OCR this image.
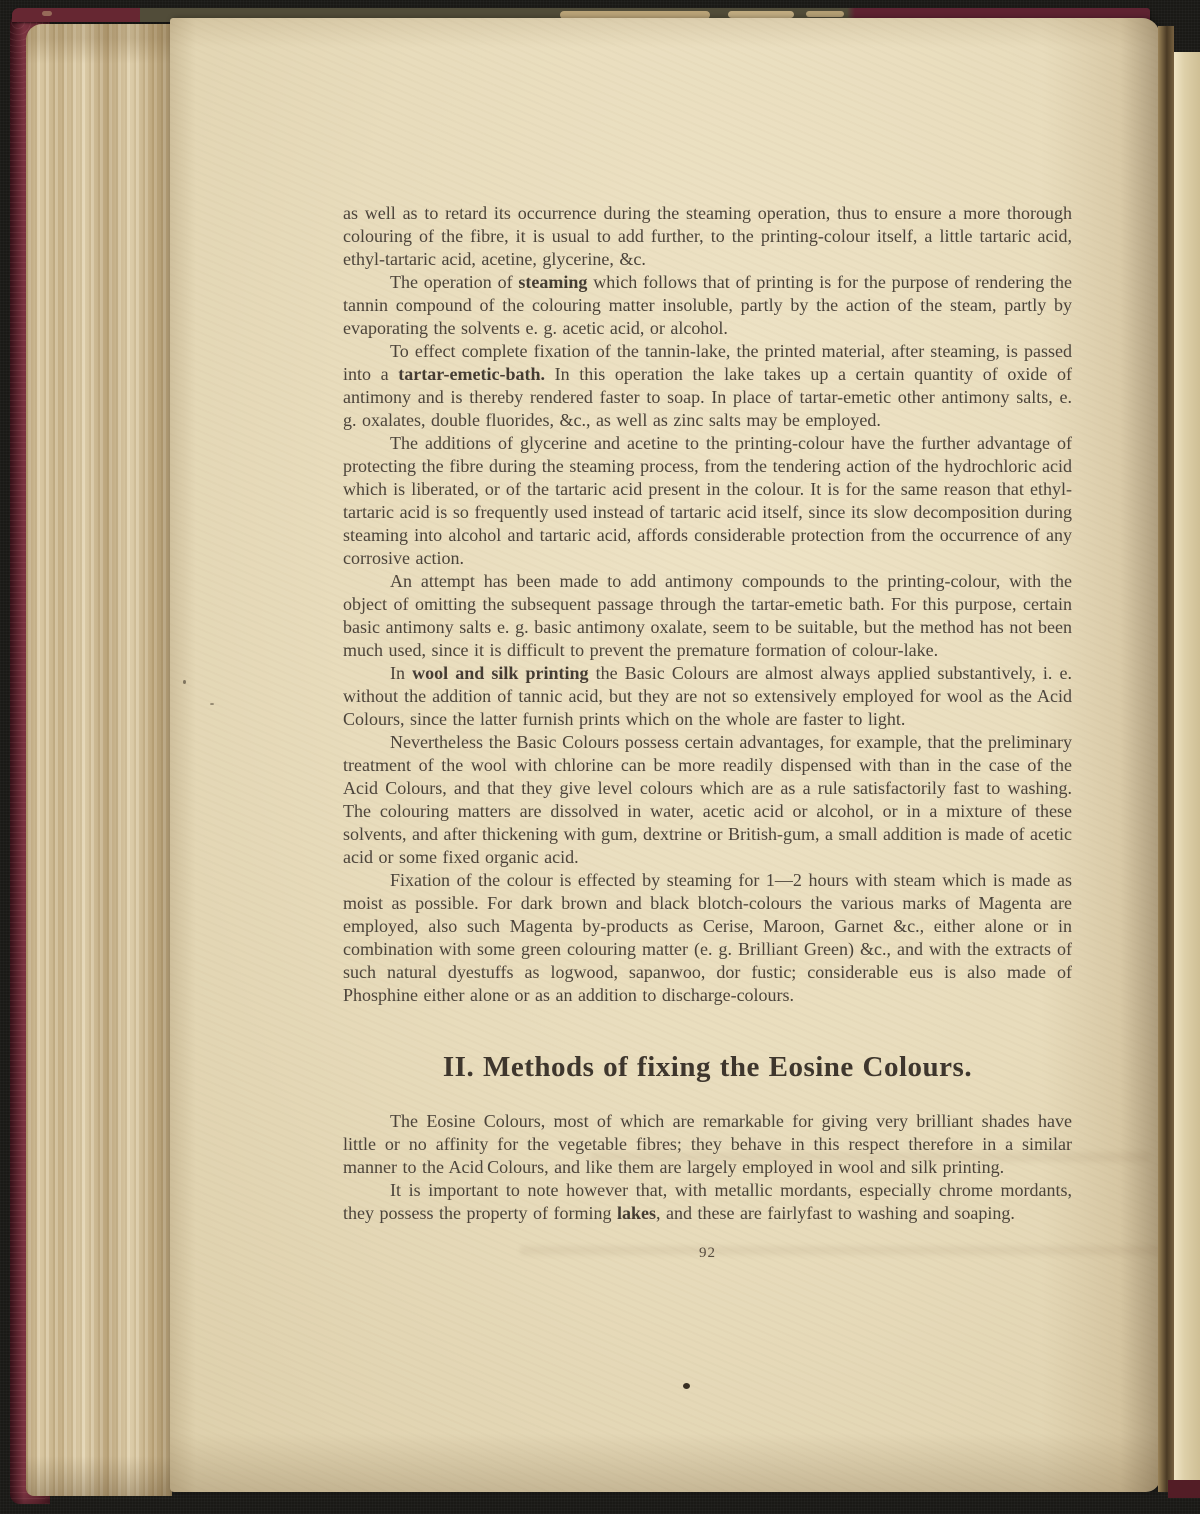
as well as to retard its occurrence during the steaming operation, thus to ensure a more thorough colouring of the fibre, it is usual to add further, to the printing-colour itself, a little tartaric acid, ethyl-tartaric acid, acetine, glycerine, &c.

The operation of steaming which follows that of printing is for the purpose of rendering the tannin compound of the colouring matter insoluble, partly by the action of the steam, partly by evaporating the solvents e. g. acetic acid, or alcohol.

To effect complete fixation of the tannin-lake, the printed material, after steaming, is passed into a tartar-emetic-bath. In this operation the lake takes up a certain quantity of oxide of antimony and is thereby rendered faster to soap. In place of tartar-emetic other antimony salts, e. g. oxalates, double fluorides, &c., as well as zinc salts may be employed.

The additions of glycerine and acetine to the printing-colour have the further advantage of protecting the fibre during the steaming process, from the tendering action of the hydrochloric acid which is liberated, or of the tartaric acid present in the colour. It is for the same reason that ethyl-tartaric acid is so frequently used instead of tartaric acid itself, since its slow decomposition during steaming into alcohol and tartaric acid, affords considerable protection from the occurrence of any corrosive action.

An attempt has been made to add antimony compounds to the printing-colour, with the object of omitting the subsequent passage through the tartar-emetic bath. For this purpose, certain basic antimony salts e. g. basic antimony oxalate, seem to be suitable, but the method has not been much used, since it is difficult to prevent the premature formation of colour-lake.

In wool and silk printing the Basic Colours are almost always applied substantively, i. e. without the addition of tannic acid, but they are not so extensively employed for wool as the Acid Colours, since the latter furnish prints which on the whole are faster to light.

Nevertheless the Basic Colours possess certain advantages, for example, that the preliminary treatment of the wool with chlorine can be more readily dispensed with than in the case of the Acid Colours, and that they give level colours which are as a rule satisfactorily fast to washing. The colouring matters are dissolved in water, acetic acid or alcohol, or in a mixture of these solvents, and after thickening with gum, dextrine or British-gum, a small addition is made of acetic acid or some fixed organic acid.

Fixation of the colour is effected by steaming for 1—2 hours with steam which is made as moist as possible. For dark brown and black blotch-colours the various marks of Magenta are employed, also such Magenta by-products as Cerise, Maroon, Garnet &c., either alone or in combination with some green colouring matter (e. g. Brilliant Green) &c., and with the extracts of such natural dyestuffs as logwood, sapanwoo, dor fustic; considerable eus is also made of Phosphine either alone or as an addition to discharge-colours.

II. Methods of fixing the Eosine Colours.

The Eosine Colours, most of which are remarkable for giving very brilliant shades have little or no affinity for the vegetable fibres; they behave in this respect therefore in a similar manner to the Acid Colours, and like them are largely employed in wool and silk printing.

It is important to note however that, with metallic mordants, especially chrome mordants, they possess the property of forming lakes, and these are fairlyfast to washing and soaping.

92
